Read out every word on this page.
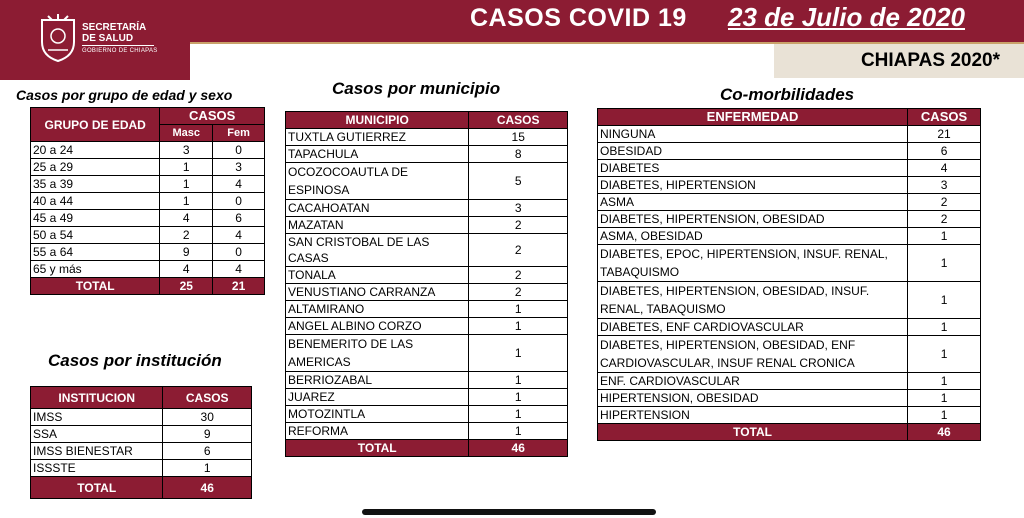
SECRETARÍA
DE SALUD
GOBIERNO DE CHIAPAS
CASOS COVID 19 23 de Julio de 2020
CHIAPAS 2020*
Casos por grupo de edad y sexo
GRUPO DE EDAD	CASOS	
	Masc	Fem
20 a 24	3	0
25 a 29	1	3
35 a 39	1	4
40 a 44	1	0
45 a 49	4	6
50 a 54	2	4
55 a 64	9	0
65 y más	4	4
TOTAL	25	21
Casos por institución
INSTITUCION	CASOS
IMSS	30
SSA	9
IMSS BIENESTAR	6
ISSSTE	1
TOTAL	46
Casos por municipio
MUNICIPIO	CASOS
TUXTLA GUTIERREZ	15
TAPACHULA	8
OCOZOCOAUTLA DE ESPINOSA	5
CACAHOATAN	3
MAZATAN	2
SAN CRISTOBAL DE LAS CASAS	2
TONALA	2
VENUSTIANO CARRANZA	2
ALTAMIRANO	1
ANGEL ALBINO CORZO	1
BENEMERITO DE LAS AMERICAS	1
BERRIOZABAL	1
JUAREZ	1
MOTOZINTLA	1
REFORMA	1
TOTAL	46
Co-morbilidades
ENFERMEDAD	CASOS
NINGUNA	21
OBESIDAD	6
DIABETES	4
DIABETES, HIPERTENSION	3
ASMA	2
DIABETES, HIPERTENSION, OBESIDAD	2
ASMA, OBESIDAD	1
DIABETES, EPOC, HIPERTENSION, INSUF. RENAL, TABAQUISMO	1
DIABETES, HIPERTENSION, OBESIDAD, INSUF. RENAL, TABAQUISMO	1
DIABETES, ENF CARDIOVASCULAR	1
DIABETES, HIPERTENSION, OBESIDAD, ENF CARDIOVASCULAR, INSUF RENAL CRONICA	1
ENF. CARDIOVASCULAR	1
HIPERTENSION, OBESIDAD	1
HIPERTENSION	1
TOTAL	46
